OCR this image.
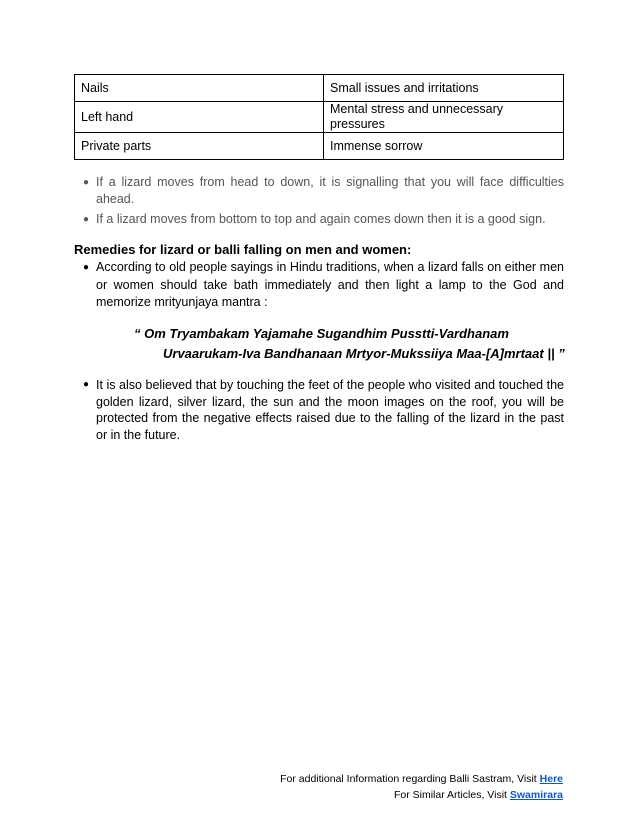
Nails	Small issues and irritations
Left hand	Mental stress and unnecessary pressures
Private parts	Immense sorrow
● If a lizard moves from head to down, it is signalling that you will face difficulties ahead.
● If a lizard moves from bottom to top and again comes down then it is a good sign.

Remedies for lizard or balli falling on men and women:

● According to old people sayings in Hindu traditions, when a lizard falls on either men or women should take bath immediately and then light a lamp to the God and memorize mrityunjaya mantra :

“ Om Tryambakam Yajamahe Sugandhim Pusstti-Vardhanam
Urvaarukam-Iva Bandhanaan Mrtyor-Mukssiiya Maa-[A]mrtaat || ”

● It is also believed that by touching the feet of the people who visited and touched the golden lizard, silver lizard, the sun and the moon images on the roof, you will be protected from the negative effects raised due to the falling of the lizard in the past or in the future.
For additional Information regarding Balli Sastram, Visit Here
For Similar Articles, Visit Swamirara
